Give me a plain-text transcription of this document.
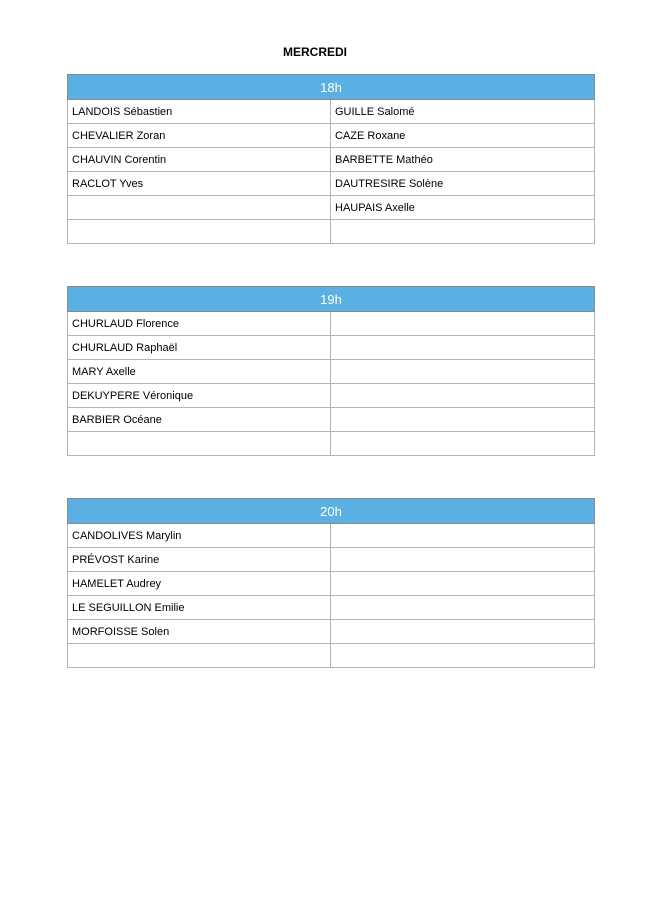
MERCREDI
18h	
LANDOIS Sébastien	GUILLE Salomé
CHEVALIER Zoran	CAZE Roxane
CHAUVIN Corentin	BARBETTE Mathéo
RACLOT Yves	DAUTRESIRE Solène
	HAUPAIS Axelle

19h	
CHURLAUD Florence	
CHURLAUD Raphaël	
MARY Axelle	
DEKUYPERE Véronique	
BARBIER Océane	

20h	
CANDOLIVES Marylin	
PRÉVOST Karine	
HAMELET Audrey	
LE SEGUILLON Emilie	
MORFOISSE Solen	
